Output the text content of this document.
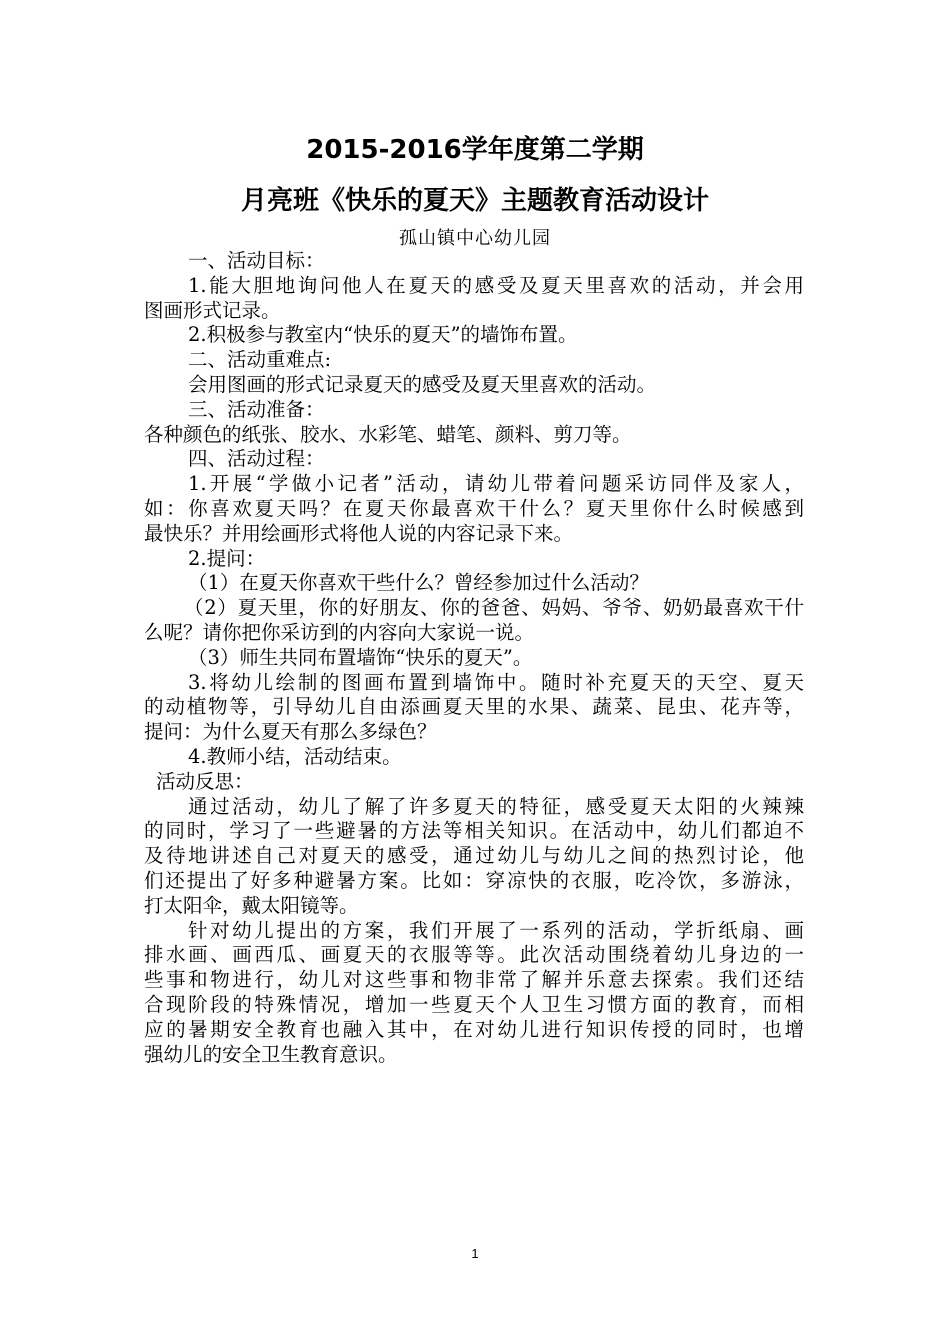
2015-2016学年度第二学期
月亮班《快乐的夏天》主题教育活动设计
孤山镇中心幼儿园
一、活动目标：
1.能大胆地询问他人在夏天的感受及夏天里喜欢的活动，并会用
图画形式记录。
2.积极参与教室内“快乐的夏天”的墙饰布置。
二、活动重难点:
会用图画的形式记录夏天的感受及夏天里喜欢的活动。
三、活动准备：
各种颜色的纸张、胶水、水彩笔、蜡笔、颜料、剪刀等。
四、活动过程：
1.开展“学做小记者”活动，请幼儿带着问题采访同伴及家人，
如：你喜欢夏天吗？在夏天你最喜欢干什么？夏天里你什么时候感到
最快乐？并用绘画形式将他人说的内容记录下来。
2.提问：
（1）在夏天你喜欢干些什么？曾经参加过什么活动？
（2）夏天里，你的好朋友、你的爸爸、妈妈、爷爷、奶奶最喜欢干什
么呢？请你把你采访到的内容向大家说一说。
（3）师生共同布置墙饰“快乐的夏天”。
3.将幼儿绘制的图画布置到墙饰中。随时补充夏天的天空、夏天
的动植物等，引导幼儿自由添画夏天里的水果、蔬菜、昆虫、花卉等，
提问：为什么夏天有那么多绿色？
4.教师小结，活动结束。
活动反思：
通过活动，幼儿了解了许多夏天的特征，感受夏天太阳的火辣辣
的同时，学习了一些避暑的方法等相关知识。在活动中，幼儿们都迫不
及待地讲述自己对夏天的感受，通过幼儿与幼儿之间的热烈讨论，他
们还提出了好多种避暑方案。比如：穿凉快的衣服，吃冷饮，多游泳，
打太阳伞，戴太阳镜等。
针对幼儿提出的方案，我们开展了一系列的活动，学折纸扇、画
排水画、画西瓜、画夏天的衣服等等。此次活动围绕着幼儿身边的一
些事和物进行，幼儿对这些事和物非常了解并乐意去探索。我们还结
合现阶段的特殊情况，增加一些夏天个人卫生习惯方面的教育，而相
应的暑期安全教育也融入其中，在对幼儿进行知识传授的同时，也增
强幼儿的安全卫生教育意识。
1
